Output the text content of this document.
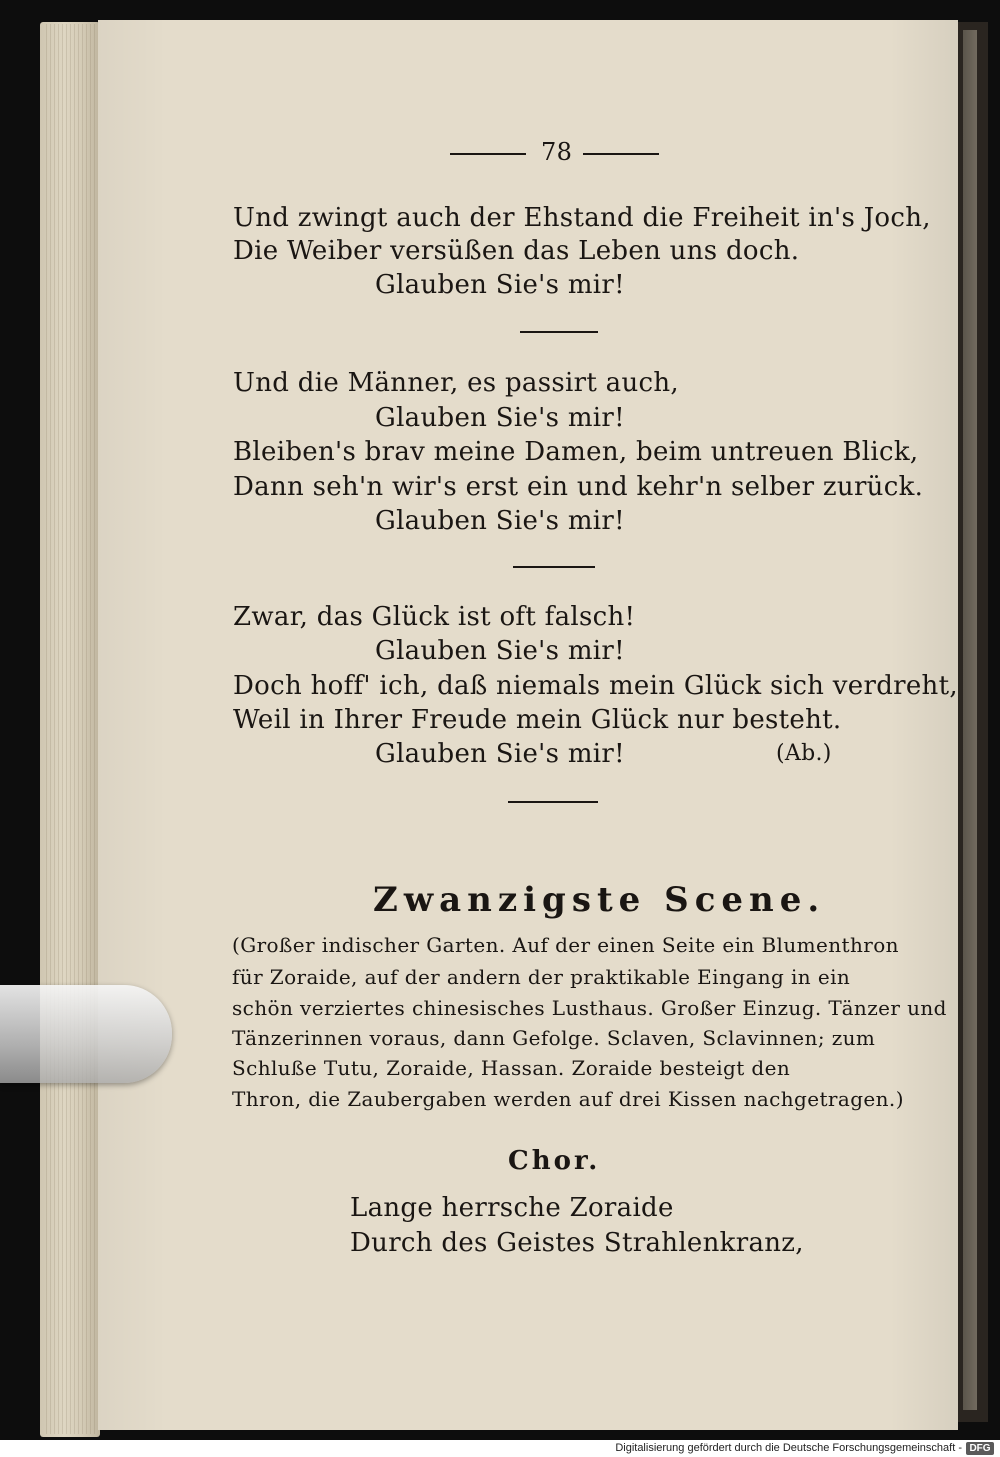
78
Und zwingt auch der Ehstand die Freiheit in's Joch,
Die Weiber versüßen das Leben uns doch.
Glauben Sie's mir!
Und die Männer, es passirt auch,
Glauben Sie's mir!
Bleiben's brav meine Damen, beim untreuen Blick,
Dann seh'n wir's erst ein und kehr'n selber zurück.
Glauben Sie's mir!
Zwar, das Glück ist oft falsch!
Glauben Sie's mir!
Doch hoff' ich, daß niemals mein Glück sich verdreht,
Weil in Ihrer Freude mein Glück nur besteht.
Glauben Sie's mir!	(Ab.)
Zwanzigste Scene.
(Großer indischer Garten. Auf der einen Seite ein Blumenthron
für Zoraide, auf der andern der praktikable Eingang in ein
schön verziertes chinesisches Lusthaus. Großer Einzug. Tänzer und
Tänzerinnen voraus, dann Gefolge. Sclaven, Sclavinnen; zum
Schluße Tutu, Zoraide, Hassan. Zoraide besteigt den
Thron, die Zaubergaben werden auf drei Kissen nachgetragen.)
Chor.
Lange herrsche Zoraide
Durch des Geistes Strahlenkranz,
Digitalisierung gefördert durch die Deutsche Forschungsgemeinschaft - DFG
